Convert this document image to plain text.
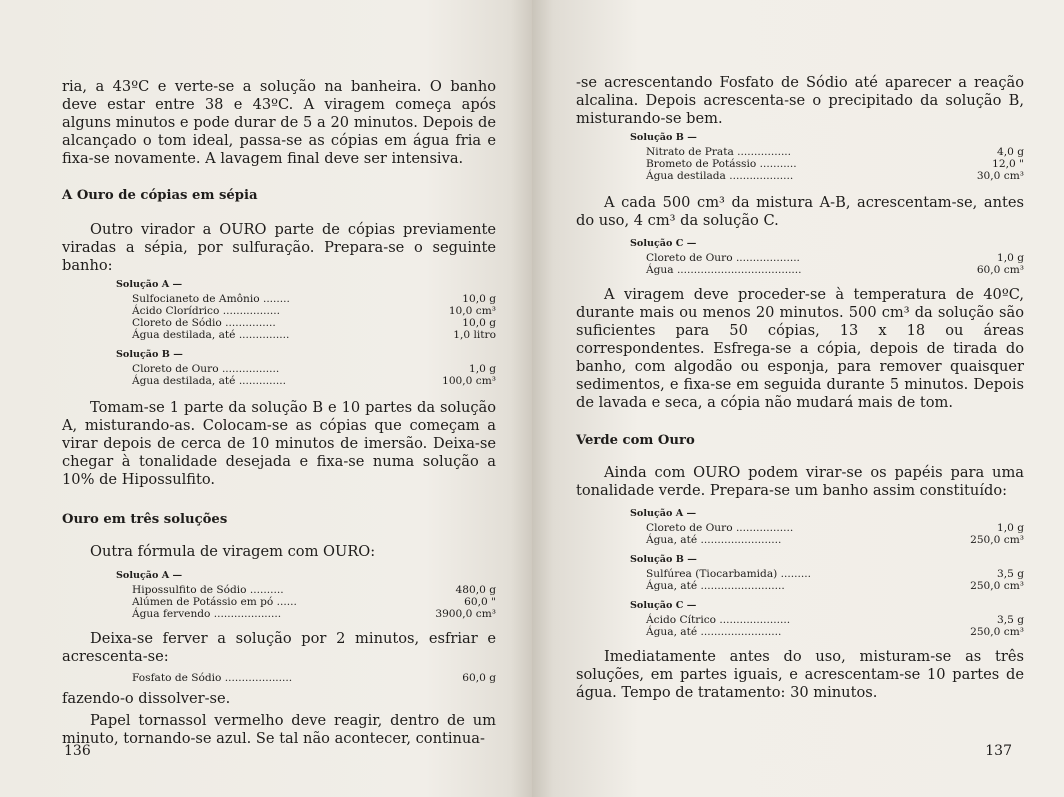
ria, a 43ºC e verte-se a solução na banheira. O banho deve estar entre 38 e 43ºC. A viragem começa após alguns minutos e pode durar de 5 a 20 minutos. Depois de alcançado o tom ideal, passa-se as cópias em água fria e fixa-se novamente. A lavagem final deve ser intensiva.

A Ouro de cópias em sépia

Outro virador a OURO parte de cópias previamente viradas a sépia, por sulfuração. Prepara-se o seguinte banho:

Solução A —
Sulfocianeto de Amônio ........	10,0 g
Ácido Clorídrico .................	10,0 cm³
Cloreto de Sódio ...............	10,0 g
Água destilada, até ...............	1,0 litro
Solução B —
Cloreto de Ouro .................	1,0 g
Água destilada, até ..............	100,0 cm³

Tomam-se 1 parte da solução B e 10 partes da solução A, misturando-as. Colocam-se as cópias que começam a virar depois de cerca de 10 minutos de imersão. Deixa-se chegar à tonalidade desejada e fixa-se numa solução a 10% de Hipossulfito.

Ouro em três soluções

Outra fórmula de viragem com OURO:

Solução A —
Hipossulfito de Sódio ..........	480,0 g
Alúmen de Potássio em pó ......	60,0 "
Água fervendo ....................	3900,0 cm³

Deixa-se ferver a solução por 2 minutos, esfriar e acrescenta-se:

Fosfato de Sódio ....................	60,0 g

fazendo-o dissolver-se.

Papel tornassol vermelho deve reagir, dentro de um minuto, tornando-se azul. Se tal não acontecer, continua-

136

-se acrescentando Fosfato de Sódio até aparecer a reação alcalina. Depois acrescenta-se o precipitado da solução B, misturando-se bem.

Solução B —
Nitrato de Prata ................	4,0 g
Brometo de Potássio ...........	12,0 "
Água destilada ...................	30,0 cm³

A cada 500 cm³ da mistura A-B, acrescentam-se, antes do uso, 4 cm³ da solução C.

Solução C —
Cloreto de Ouro ...................	1,0 g
Água .....................................	60,0 cm³

A viragem deve proceder-se à temperatura de 40ºC, durante mais ou menos 20 minutos. 500 cm³ da solução são suficientes para 50 cópias, 13 x 18 ou áreas correspondentes. Esfrega-se a cópia, depois de tirada do banho, com algodão ou esponja, para remover quaisquer sedimentos, e fixa-se em seguida durante 5 minutos. Depois de lavada e seca, a cópia não mudará mais de tom.

Verde com Ouro

Ainda com OURO podem virar-se os papéis para uma tonalidade verde. Prepara-se um banho assim constituído:

Solução A —
Cloreto de Ouro .................	1,0 g
Água, até ........................	250,0 cm³
Solução B —
Sulfúrea (Tiocarbamida) .........	3,5 g
Água, até .........................	250,0 cm³
Solução C —
Ácido Cítrico .....................	3,5 g
Água, até ........................	250,0 cm³

Imediatamente antes do uso, misturam-se as três soluções, em partes iguais, e acrescentam-se 10 partes de água. Tempo de tratamento: 30 minutos.

137
